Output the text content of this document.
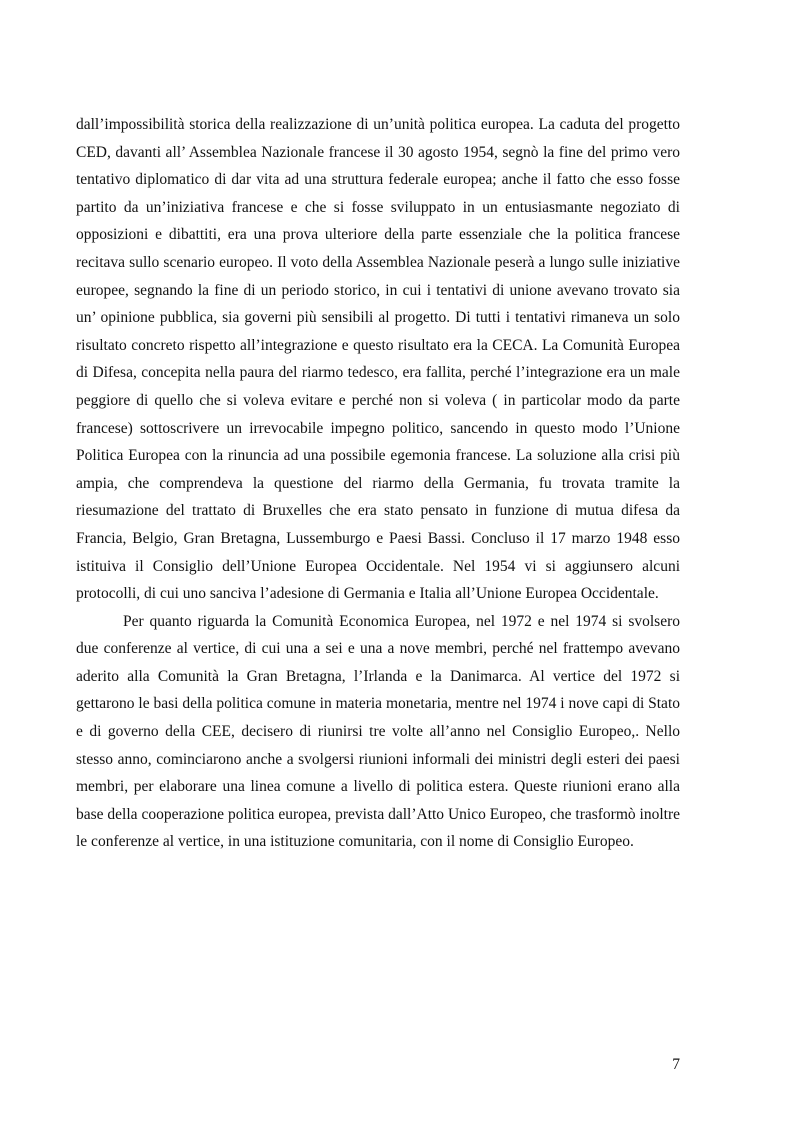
dall’impossibilità storica della realizzazione di un’unità politica europea. La caduta del progetto CED, davanti all’ Assemblea Nazionale francese il 30 agosto 1954, segnò la fine del primo vero tentativo diplomatico di dar vita ad una struttura federale europea; anche il fatto che esso fosse partito da un’iniziativa francese e che si fosse sviluppato in un entusiasmante negoziato di opposizioni e dibattiti, era una prova ulteriore della parte essenziale che la politica francese recitava sullo scenario europeo. Il voto della Assemblea Nazionale peserà a lungo sulle iniziative europee, segnando la fine di un periodo storico, in cui i tentativi di unione avevano trovato sia un’ opinione pubblica, sia governi più sensibili al progetto. Di tutti i tentativi rimaneva un solo risultato concreto rispetto all’integrazione e questo risultato era la CECA. La Comunità Europea di Difesa, concepita nella paura del riarmo tedesco, era fallita, perché l’integrazione era un male peggiore di quello che si voleva evitare e perché non si voleva ( in particolar modo da parte francese) sottoscrivere un irrevocabile impegno politico, sancendo in questo modo l’Unione Politica Europea con la rinuncia ad una possibile egemonia francese. La soluzione alla crisi più ampia, che comprendeva la questione del riarmo della Germania, fu trovata tramite la riesumazione del trattato di Bruxelles che era stato pensato in funzione di mutua difesa da Francia, Belgio, Gran Bretagna, Lussemburgo e Paesi Bassi. Concluso il 17 marzo 1948 esso istituiva il Consiglio dell’Unione Europea Occidentale. Nel 1954 vi si aggiunsero alcuni protocolli, di cui uno sanciva l’adesione di Germania e Italia all’Unione Europea Occidentale.

Per quanto riguarda la Comunità Economica Europea, nel 1972 e nel 1974 si svolsero due conferenze al vertice, di cui una a sei e una a nove membri, perché nel frattempo avevano aderito alla Comunità la Gran Bretagna, l’Irlanda e la Danimarca. Al vertice del 1972 si gettarono le basi della politica comune in materia monetaria, mentre nel 1974 i nove capi di Stato e di governo della CEE, decisero di riunirsi tre volte all’anno nel Consiglio Europeo,. Nello stesso anno, cominciarono anche a svolgersi riunioni informali dei ministri degli esteri dei paesi membri, per elaborare una linea comune a livello di politica estera. Queste riunioni erano alla base della cooperazione politica europea, prevista dall’Atto Unico Europeo, che trasformò inoltre le conferenze al vertice, in una istituzione comunitaria, con il nome di Consiglio Europeo.

7
